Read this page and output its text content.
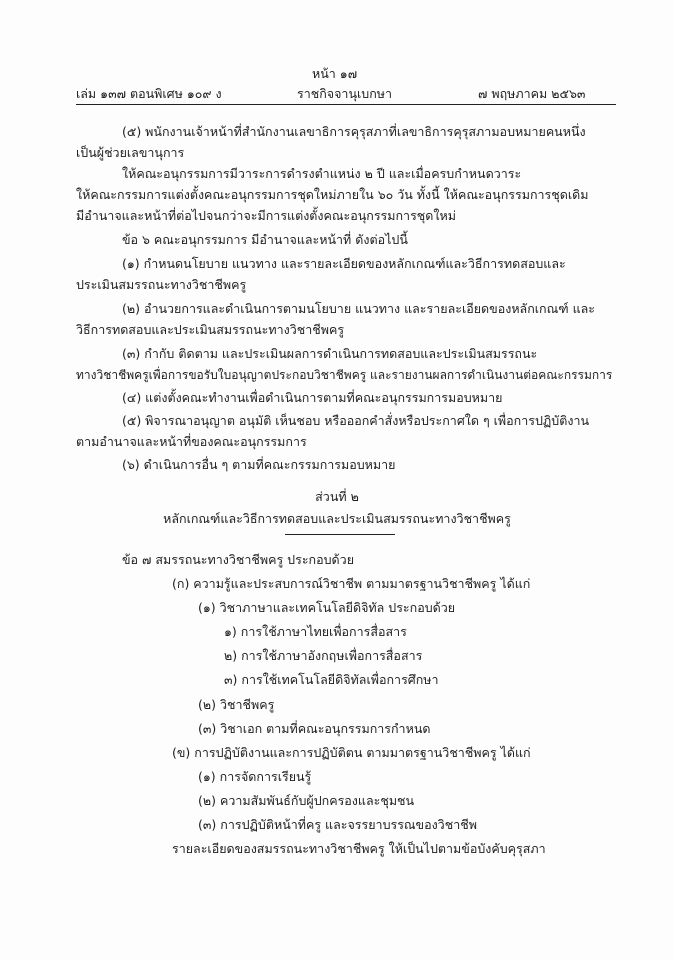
หน้า ๑๗
เล่ม ๑๓๗ ตอนพิเศษ ๑๐๙ ง	ราชกิจจานุเบกษา	๗ พฤษภาคม ๒๕๖๓
(๕) พนักงานเจ้าหน้าที่สำนักงานเลขาธิการคุรุสภาที่เลขาธิการคุรุสภามอบหมายคนหนึ่ง
เป็นผู้ช่วยเลขานุการ
ให้คณะอนุกรรมการมีวาระการดำรงตำแหน่ง ๒ ปี และเมื่อครบกำหนดวาระ
ให้คณะกรรมการแต่งตั้งคณะอนุกรรมการชุดใหม่ภายใน ๖๐ วัน ทั้งนี้ ให้คณะอนุกรรมการชุดเดิม
มีอำนาจและหน้าที่ต่อไปจนกว่าจะมีการแต่งตั้งคณะอนุกรรมการชุดใหม่
ข้อ ๖ คณะอนุกรรมการ มีอำนาจและหน้าที่ ดังต่อไปนี้
(๑) กำหนดนโยบาย แนวทาง และรายละเอียดของหลักเกณฑ์และวิธีการทดสอบและ
ประเมินสมรรถนะทางวิชาชีพครู
(๒) อำนวยการและดำเนินการตามนโยบาย แนวทาง และรายละเอียดของหลักเกณฑ์ และ
วิธีการทดสอบและประเมินสมรรถนะทางวิชาชีพครู
(๓) กำกับ ติดตาม และประเมินผลการดำเนินการทดสอบและประเมินสมรรถนะ
ทางวิชาชีพครูเพื่อการขอรับใบอนุญาตประกอบวิชาชีพครู และรายงานผลการดำเนินงานต่อคณะกรรมการ
(๔) แต่งตั้งคณะทำงานเพื่อดำเนินการตามที่คณะอนุกรรมการมอบหมาย
(๕) พิจารณาอนุญาต อนุมัติ เห็นชอบ หรือออกคำสั่งหรือประกาศใด ๆ เพื่อการปฏิบัติงาน
ตามอำนาจและหน้าที่ของคณะอนุกรรมการ
(๖) ดำเนินการอื่น ๆ ตามที่คณะกรรมการมอบหมาย
ส่วนที่ ๒
หลักเกณฑ์และวิธีการทดสอบและประเมินสมรรถนะทางวิชาชีพครู
ข้อ ๗ สมรรถนะทางวิชาชีพครู ประกอบด้วย
(ก) ความรู้และประสบการณ์วิชาชีพ ตามมาตรฐานวิชาชีพครู ได้แก่
(๑) วิชาภาษาและเทคโนโลยีดิจิทัล ประกอบด้วย
๑) การใช้ภาษาไทยเพื่อการสื่อสาร
๒) การใช้ภาษาอังกฤษเพื่อการสื่อสาร
๓) การใช้เทคโนโลยีดิจิทัลเพื่อการศึกษา
(๒) วิชาชีพครู
(๓) วิชาเอก ตามที่คณะอนุกรรมการกำหนด
(ข) การปฏิบัติงานและการปฏิบัติตน ตามมาตรฐานวิชาชีพครู ได้แก่
(๑) การจัดการเรียนรู้
(๒) ความสัมพันธ์กับผู้ปกครองและชุมชน
(๓) การปฏิบัติหน้าที่ครู และจรรยาบรรณของวิชาชีพ
รายละเอียดของสมรรถนะทางวิชาชีพครู ให้เป็นไปตามข้อบังคับคุรุสภา
